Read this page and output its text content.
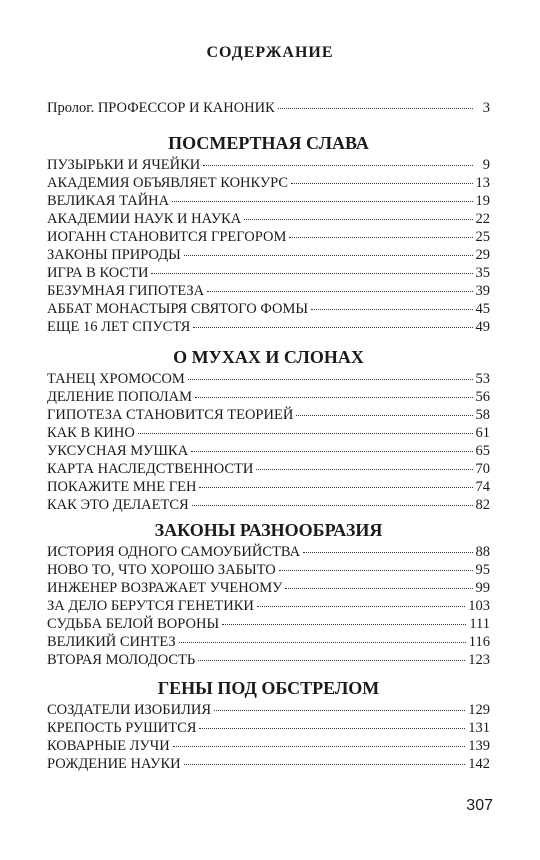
СОДЕРЖАНИЕ
Пролог. ПРОФЕССОР И КАНОНИК	3
ПОСМЕРТНАЯ СЛАВА
ПУЗЫРЬКИ И ЯЧЕЙКИ	9
АКАДЕМИЯ ОБЪЯВЛЯЕТ КОНКУРС	13
ВЕЛИКАЯ ТАЙНА	19
АКАДЕМИИ НАУК И НАУКА	22
ИОГАНН СТАНОВИТСЯ ГРЕГОРОМ	25
ЗАКОНЫ ПРИРОДЫ	29
ИГРА В КОСТИ	35
БЕЗУМНАЯ ГИПОТЕЗА	39
АББАТ МОНАСТЫРЯ СВЯТОГО ФОМЫ	45
ЕЩЕ 16 ЛЕТ СПУСТЯ	49
О МУХАХ И СЛОНАХ
ТАНЕЦ ХРОМОСОМ	53
ДЕЛЕНИЕ ПОПОЛАМ	56
ГИПОТЕЗА СТАНОВИТСЯ ТЕОРИЕЙ	58
КАК В КИНО	61
УКСУСНАЯ МУШКА	65
КАРТА НАСЛЕДСТВЕННОСТИ	70
ПОКАЖИТЕ МНЕ ГЕН	74
КАК ЭТО ДЕЛАЕТСЯ	82
ЗАКОНЫ РАЗНООБРАЗИЯ
ИСТОРИЯ ОДНОГО САМОУБИЙСТВА	88
НОВО ТО, ЧТО ХОРОШО ЗАБЫТО	95
ИНЖЕНЕР ВОЗРАЖАЕТ УЧЕНОМУ	99
ЗА ДЕЛО БЕРУТСЯ ГЕНЕТИКИ	103
СУДЬБА БЕЛОЙ ВОРОНЫ	111
ВЕЛИКИЙ СИНТЕЗ	116
ВТОРАЯ МОЛОДОСТЬ	123
ГЕНЫ ПОД ОБСТРЕЛОМ
СОЗДАТЕЛИ ИЗОБИЛИЯ	129
КРЕПОСТЬ РУШИТСЯ	131
КОВАРНЫЕ ЛУЧИ	139
РОЖДЕНИЕ НАУКИ	142
307
